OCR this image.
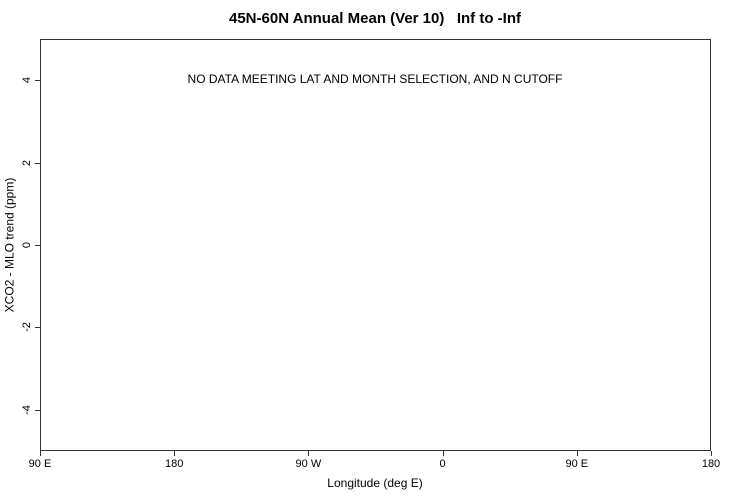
45N-60N Annual Mean (Ver 10)   Inf to -Inf
NO DATA MEETING LAT AND MONTH SELECTION, AND N CUTOFF
90 E	180	90 W	0	90 E	180
4
2
0
-2
-4
Longitude (deg E)
XCO2 - MLO trend (ppm)
